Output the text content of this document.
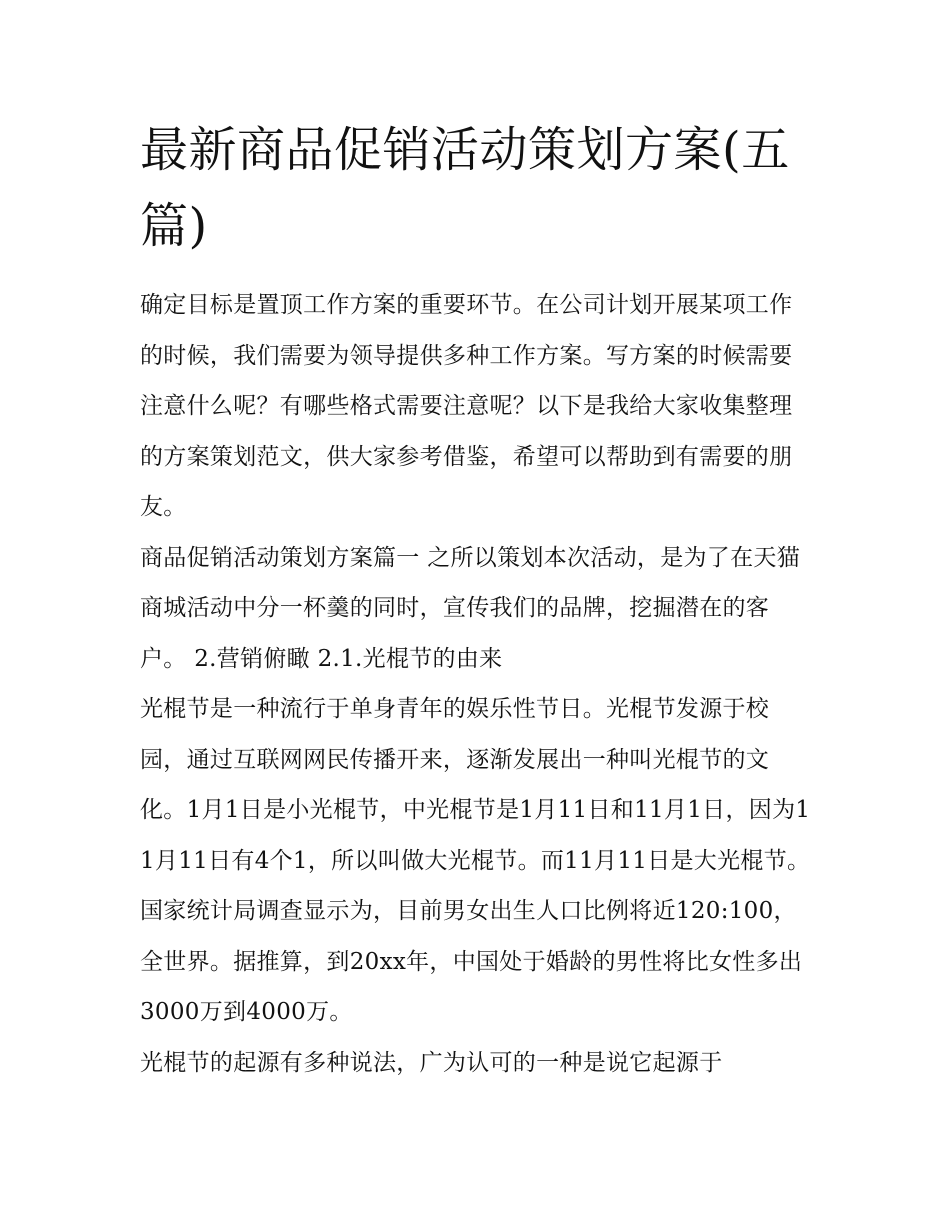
最新商品促销活动策划方案(五篇)

确定目标是置顶工作方案的重要环节。在公司计划开展某项工作的时候，我们需要为领导提供多种工作方案。写方案的时候需要注意什么呢？有哪些格式需要注意呢？以下是我给大家收集整理的方案策划范文，供大家参考借鉴，希望可以帮助到有需要的朋友。

商品促销活动策划方案篇一 之所以策划本次活动，是为了在天猫商城活动中分一杯羹的同时，宣传我们的品牌，挖掘潜在的客户。 2.营销俯瞰 2.1.光棍节的由来

光棍节是一种流行于单身青年的娱乐性节日。光棍节发源于校园，通过互联网网民传播开来，逐渐发展出一种叫光棍节的文化。1月1日是小光棍节，中光棍节是1月11日和11月1日，因为11月11日有4个1，所以叫做大光棍节。而11月11日是大光棍节。国家统计局调查显示为，目前男女出生人口比例将近120:100，全世界。据推算，到20xx年，中国处于婚龄的男性将比女性多出3000万到4000万。

光棍节的起源有多种说法，广为认可的一种是说它起源于
